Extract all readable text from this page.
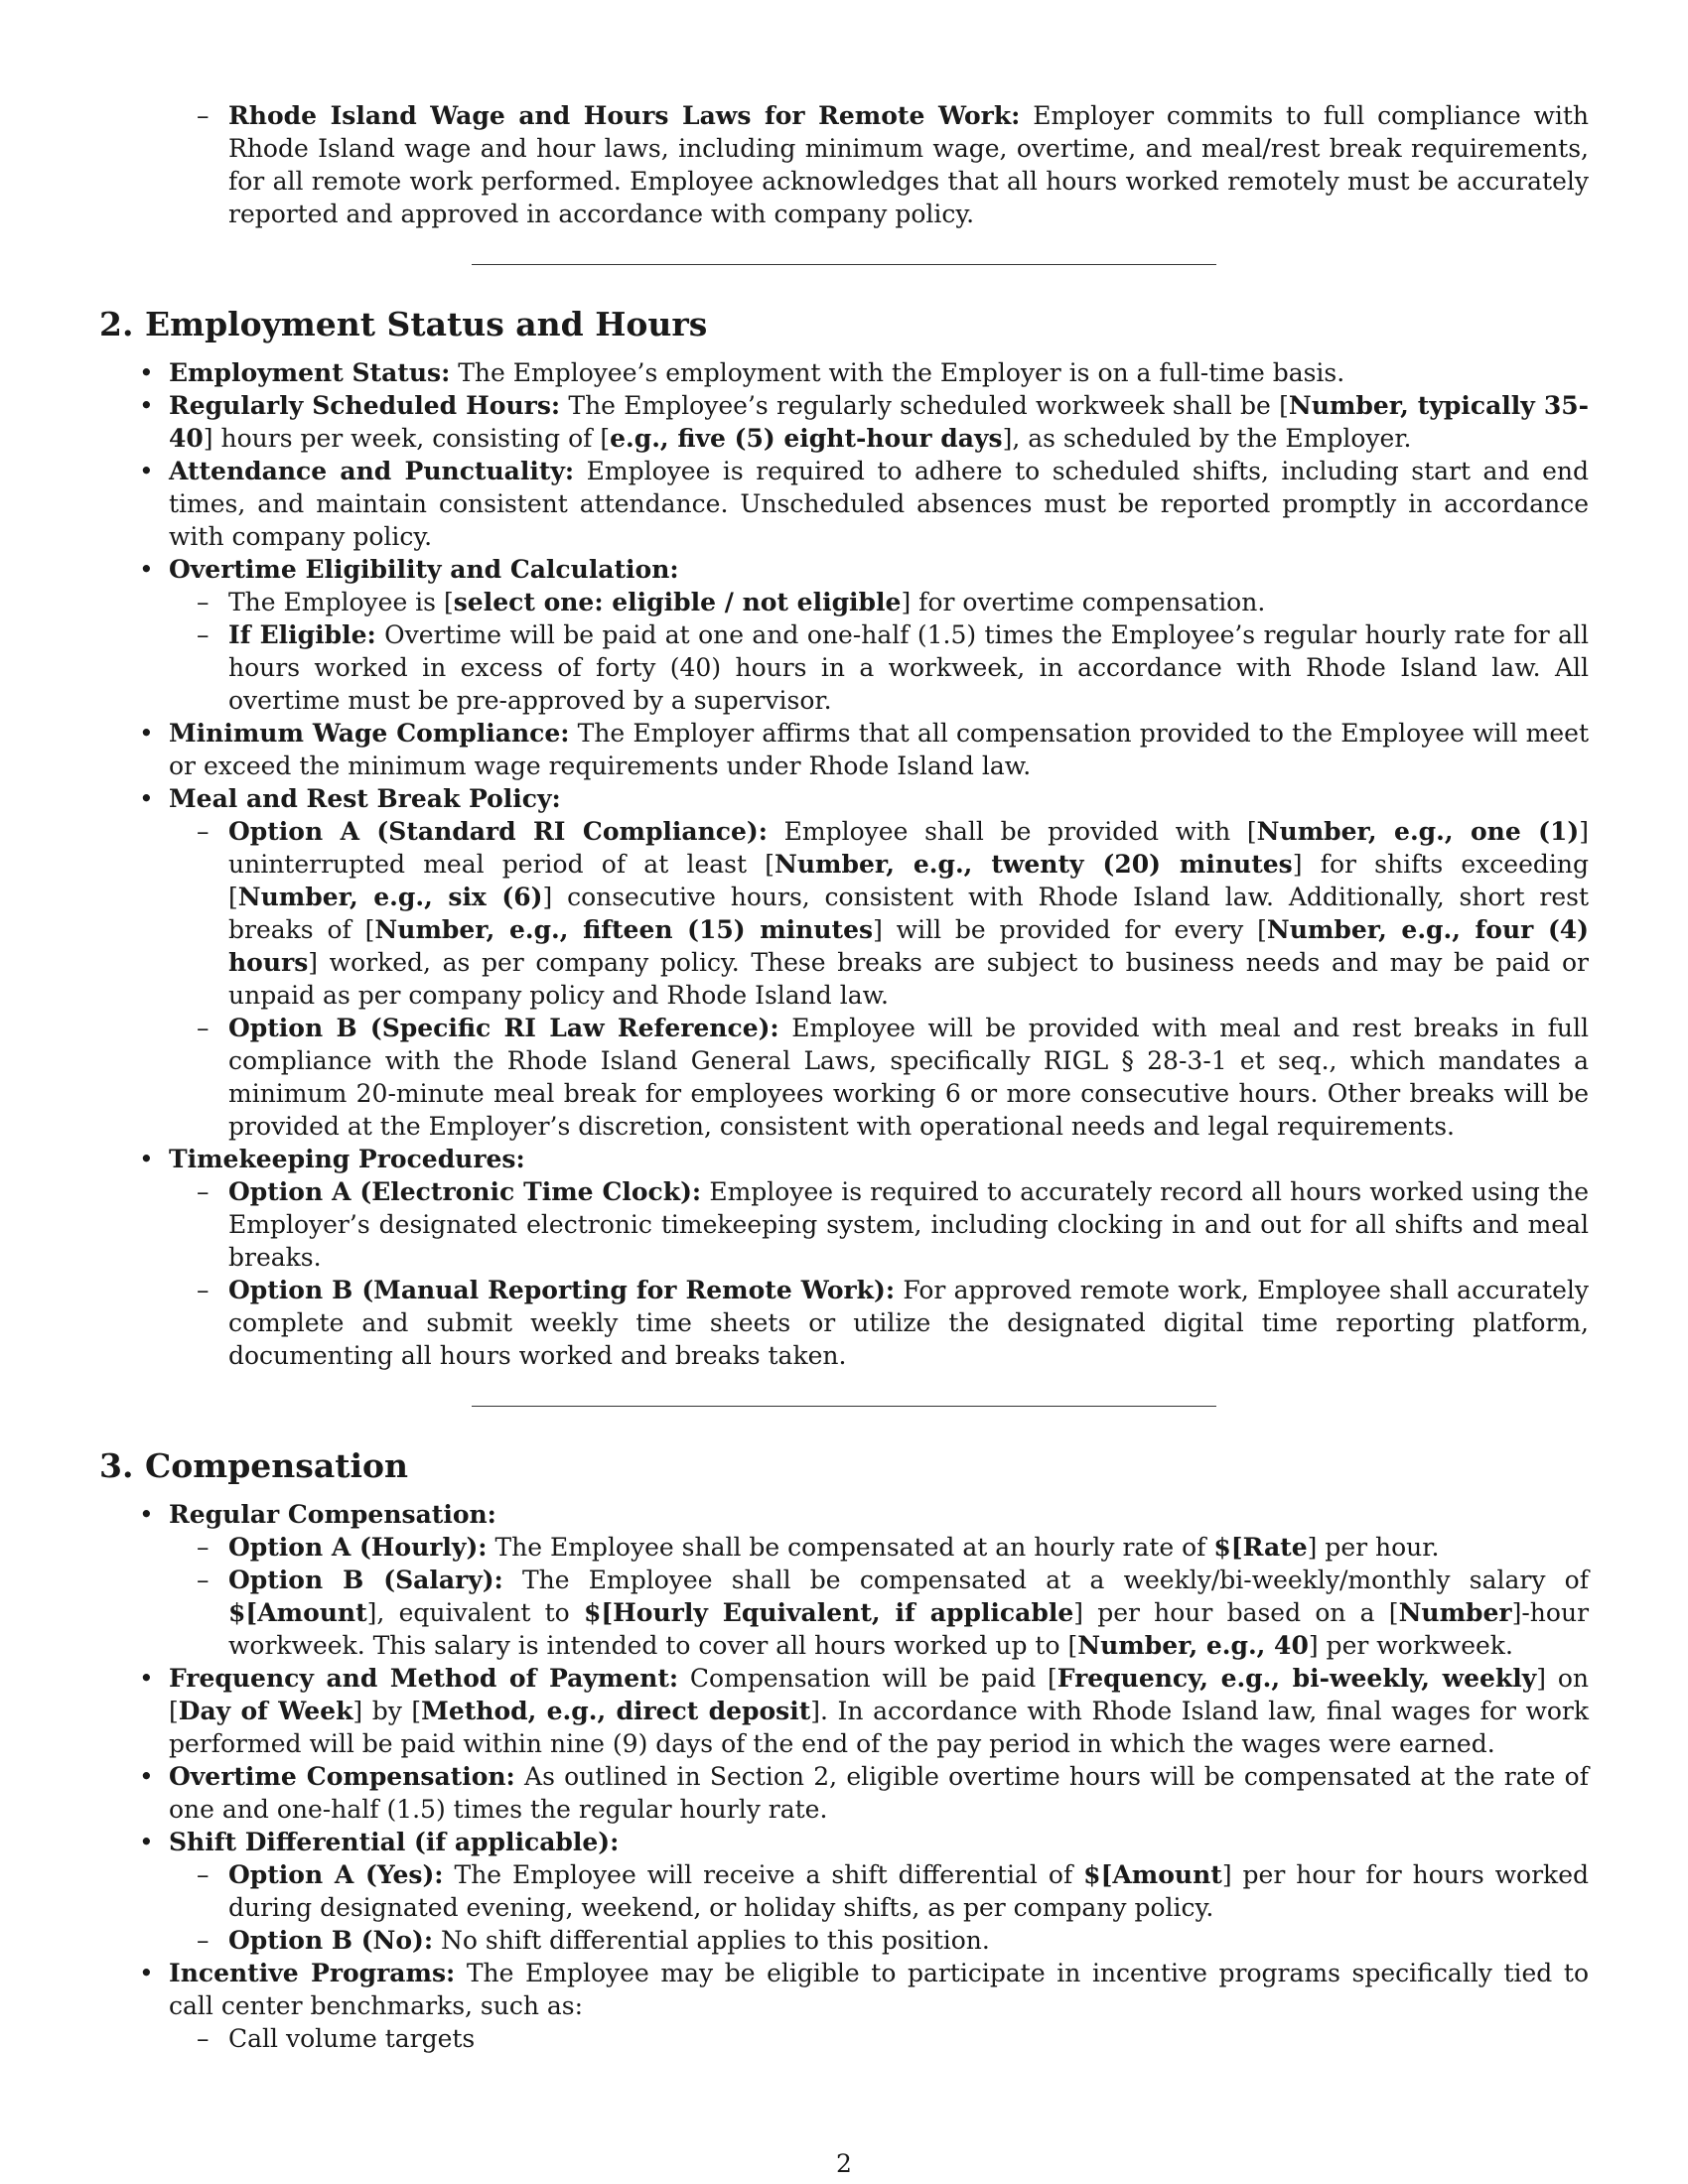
– Rhode Island Wage and Hours Laws for Remote Work: Employer commits to full compliance with Rhode Island wage and hour laws, including minimum wage, overtime, and meal/rest break requirements, for all remote work performed. Employee acknowledges that all hours worked remotely must be accurately reported and approved in accordance with company policy.
2. Employment Status and Hours
• Employment Status: The Employee’s employment with the Employer is on a full-time basis.
• Regularly Scheduled Hours: The Employee’s regularly scheduled workweek shall be [Number, typically 35-40] hours per week, consisting of [e.g., five (5) eight-hour days], as scheduled by the Employer.
• Attendance and Punctuality: Employee is required to adhere to scheduled shifts, including start and end times, and maintain consistent attendance. Unscheduled absences must be reported promptly in accordance with company policy.
• Overtime Eligibility and Calculation:
– The Employee is [select one: eligible / not eligible] for overtime compensation.
– If Eligible: Overtime will be paid at one and one-half (1.5) times the Employee’s regular hourly rate for all hours worked in excess of forty (40) hours in a workweek, in accordance with Rhode Island law. All overtime must be pre-approved by a supervisor.
• Minimum Wage Compliance: The Employer affirms that all compensation provided to the Employee will meet or exceed the minimum wage requirements under Rhode Island law.
• Meal and Rest Break Policy:
– Option A (Standard RI Compliance): Employee shall be provided with [Number, e.g., one (1)] uninterrupted meal period of at least [Number, e.g., twenty (20) minutes] for shifts exceeding [Number, e.g., six (6)] consecutive hours, consistent with Rhode Island law. Additionally, short rest breaks of [Number, e.g., fifteen (15) minutes] will be provided for every [Number, e.g., four (4) hours] worked, as per company policy. These breaks are subject to business needs and may be paid or unpaid as per company policy and Rhode Island law.
– Option B (Specific RI Law Reference): Employee will be provided with meal and rest breaks in full compliance with the Rhode Island General Laws, specifically RIGL § 28-3-1 et seq., which mandates a minimum 20-minute meal break for employees working 6 or more consecutive hours. Other breaks will be provided at the Employer’s discretion, consistent with operational needs and legal requirements.
• Timekeeping Procedures:
– Option A (Electronic Time Clock): Employee is required to accurately record all hours worked using the Employer’s designated electronic timekeeping system, including clocking in and out for all shifts and meal breaks.
– Option B (Manual Reporting for Remote Work): For approved remote work, Employee shall accurately complete and submit weekly time sheets or utilize the designated digital time reporting platform, documenting all hours worked and breaks taken.
3. Compensation
• Regular Compensation:
– Option A (Hourly): The Employee shall be compensated at an hourly rate of $[Rate] per hour.
– Option B (Salary): The Employee shall be compensated at a weekly/bi-weekly/monthly salary of $[Amount], equivalent to $[Hourly Equivalent, if applicable] per hour based on a [Number]-hour workweek. This salary is intended to cover all hours worked up to [Number, e.g., 40] per workweek.
• Frequency and Method of Payment: Compensation will be paid [Frequency, e.g., bi-weekly, weekly] on [Day of Week] by [Method, e.g., direct deposit]. In accordance with Rhode Island law, final wages for work performed will be paid within nine (9) days of the end of the pay period in which the wages were earned.
• Overtime Compensation: As outlined in Section 2, eligible overtime hours will be compensated at the rate of one and one-half (1.5) times the regular hourly rate.
• Shift Differential (if applicable):
– Option A (Yes): The Employee will receive a shift differential of $[Amount] per hour for hours worked during designated evening, weekend, or holiday shifts, as per company policy.
– Option B (No): No shift differential applies to this position.
• Incentive Programs: The Employee may be eligible to participate in incentive programs specifically tied to call center benchmarks, such as:
– Call volume targets
2
